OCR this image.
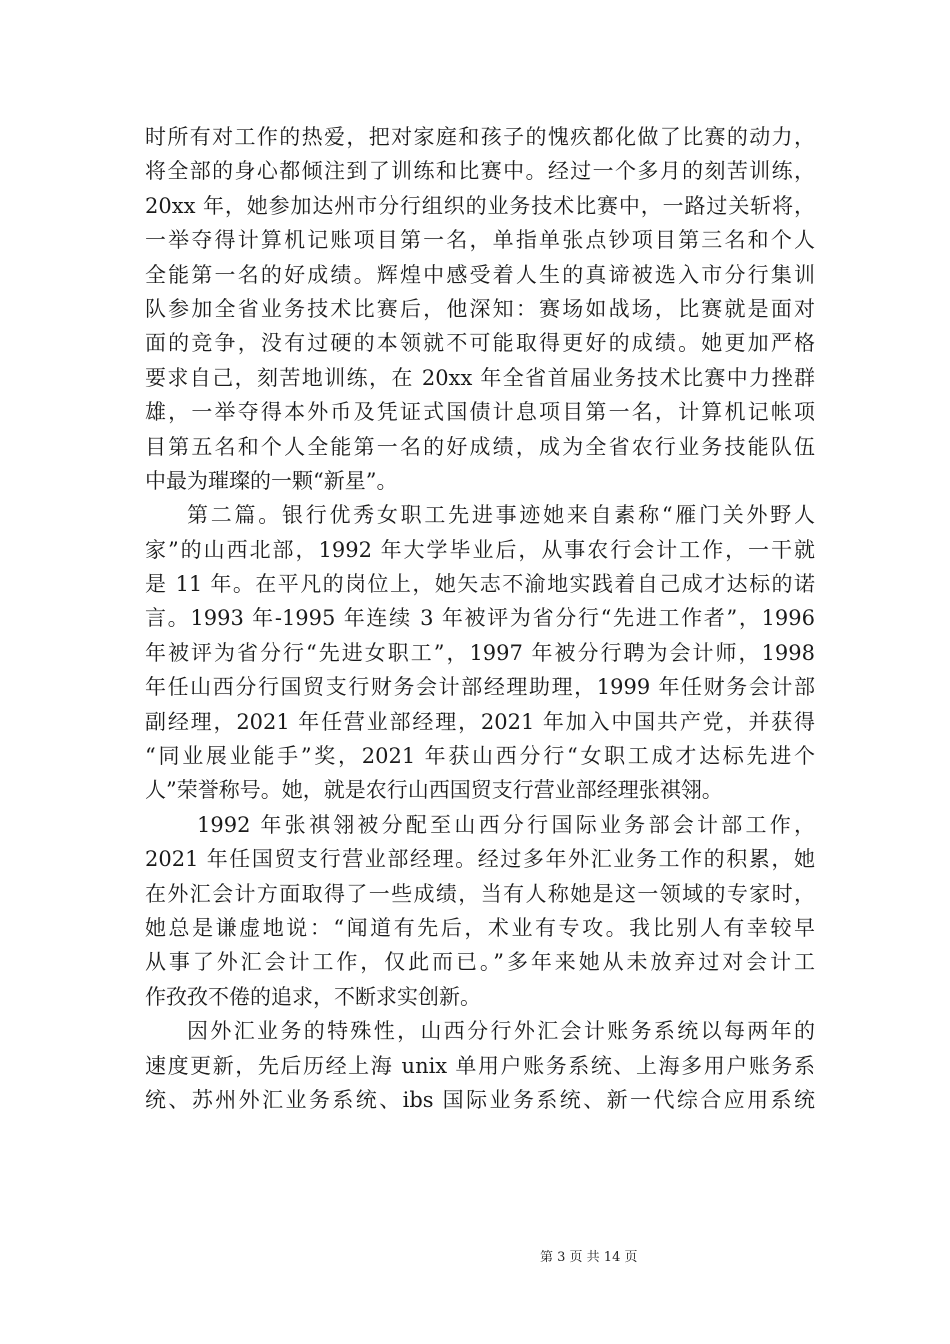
时所有对工作的热爱，把对家庭和孩子的愧疚都化做了比赛的动力，
将全部的身心都倾注到了训练和比赛中。经过一个多月的刻苦训练，
20xx 年，她参加达州市分行组织的业务技术比赛中，一路过关斩将，
一举夺得计算机记账项目第一名，单指单张点钞项目第三名和个人
全能第一名的好成绩。辉煌中感受着人生的真谛被选入市分行集训
队参加全省业务技术比赛后，他深知：赛场如战场，比赛就是面对
面的竞争，没有过硬的本领就不可能取得更好的成绩。她更加严格
要求自己，刻苦地训练，在 20xx 年全省首届业务技术比赛中力挫群
雄，一举夺得本外币及凭证式国债计息项目第一名，计算机记帐项
目第五名和个人全能第一名的好成绩，成为全省农行业务技能队伍
中最为璀璨的一颗“新星”。
第二篇。银行优秀女职工先进事迹她来自素称“雁门关外野人
家”的山西北部，1992 年大学毕业后，从事农行会计工作，一干就
是 11 年。在平凡的岗位上，她矢志不渝地实践着自己成才达标的诺
言。1993 年-1995 年连续 3 年被评为省分行“先进工作者”，1996
年被评为省分行“先进女职工”，1997 年被分行聘为会计师，1998
年任山西分行国贸支行财务会计部经理助理，1999 年任财务会计部
副经理，2021 年任营业部经理，2021 年加入中国共产党，并获得
“同业展业能手”奖，2021 年获山西分行“女职工成才达标先进个
人”荣誉称号。她，就是农行山西国贸支行营业部经理张祺翎。
1992 年张祺翎被分配至山西分行国际业务部会计部工作，
2021 年任国贸支行营业部经理。经过多年外汇业务工作的积累，她
在外汇会计方面取得了一些成绩，当有人称她是这一领域的专家时，
她总是谦虚地说：“闻道有先后，术业有专攻。我比别人有幸较早
从事了外汇会计工作，仅此而已。”多年来她从未放弃过对会计工
作孜孜不倦的追求，不断求实创新。
因外汇业务的特殊性，山西分行外汇会计账务系统以每两年的
速度更新，先后历经上海 unix 单用户账务系统、上海多用户账务系
统、苏州外汇业务系统、ibs 国际业务系统、新一代综合应用系统
第 3 页 共 14 页
